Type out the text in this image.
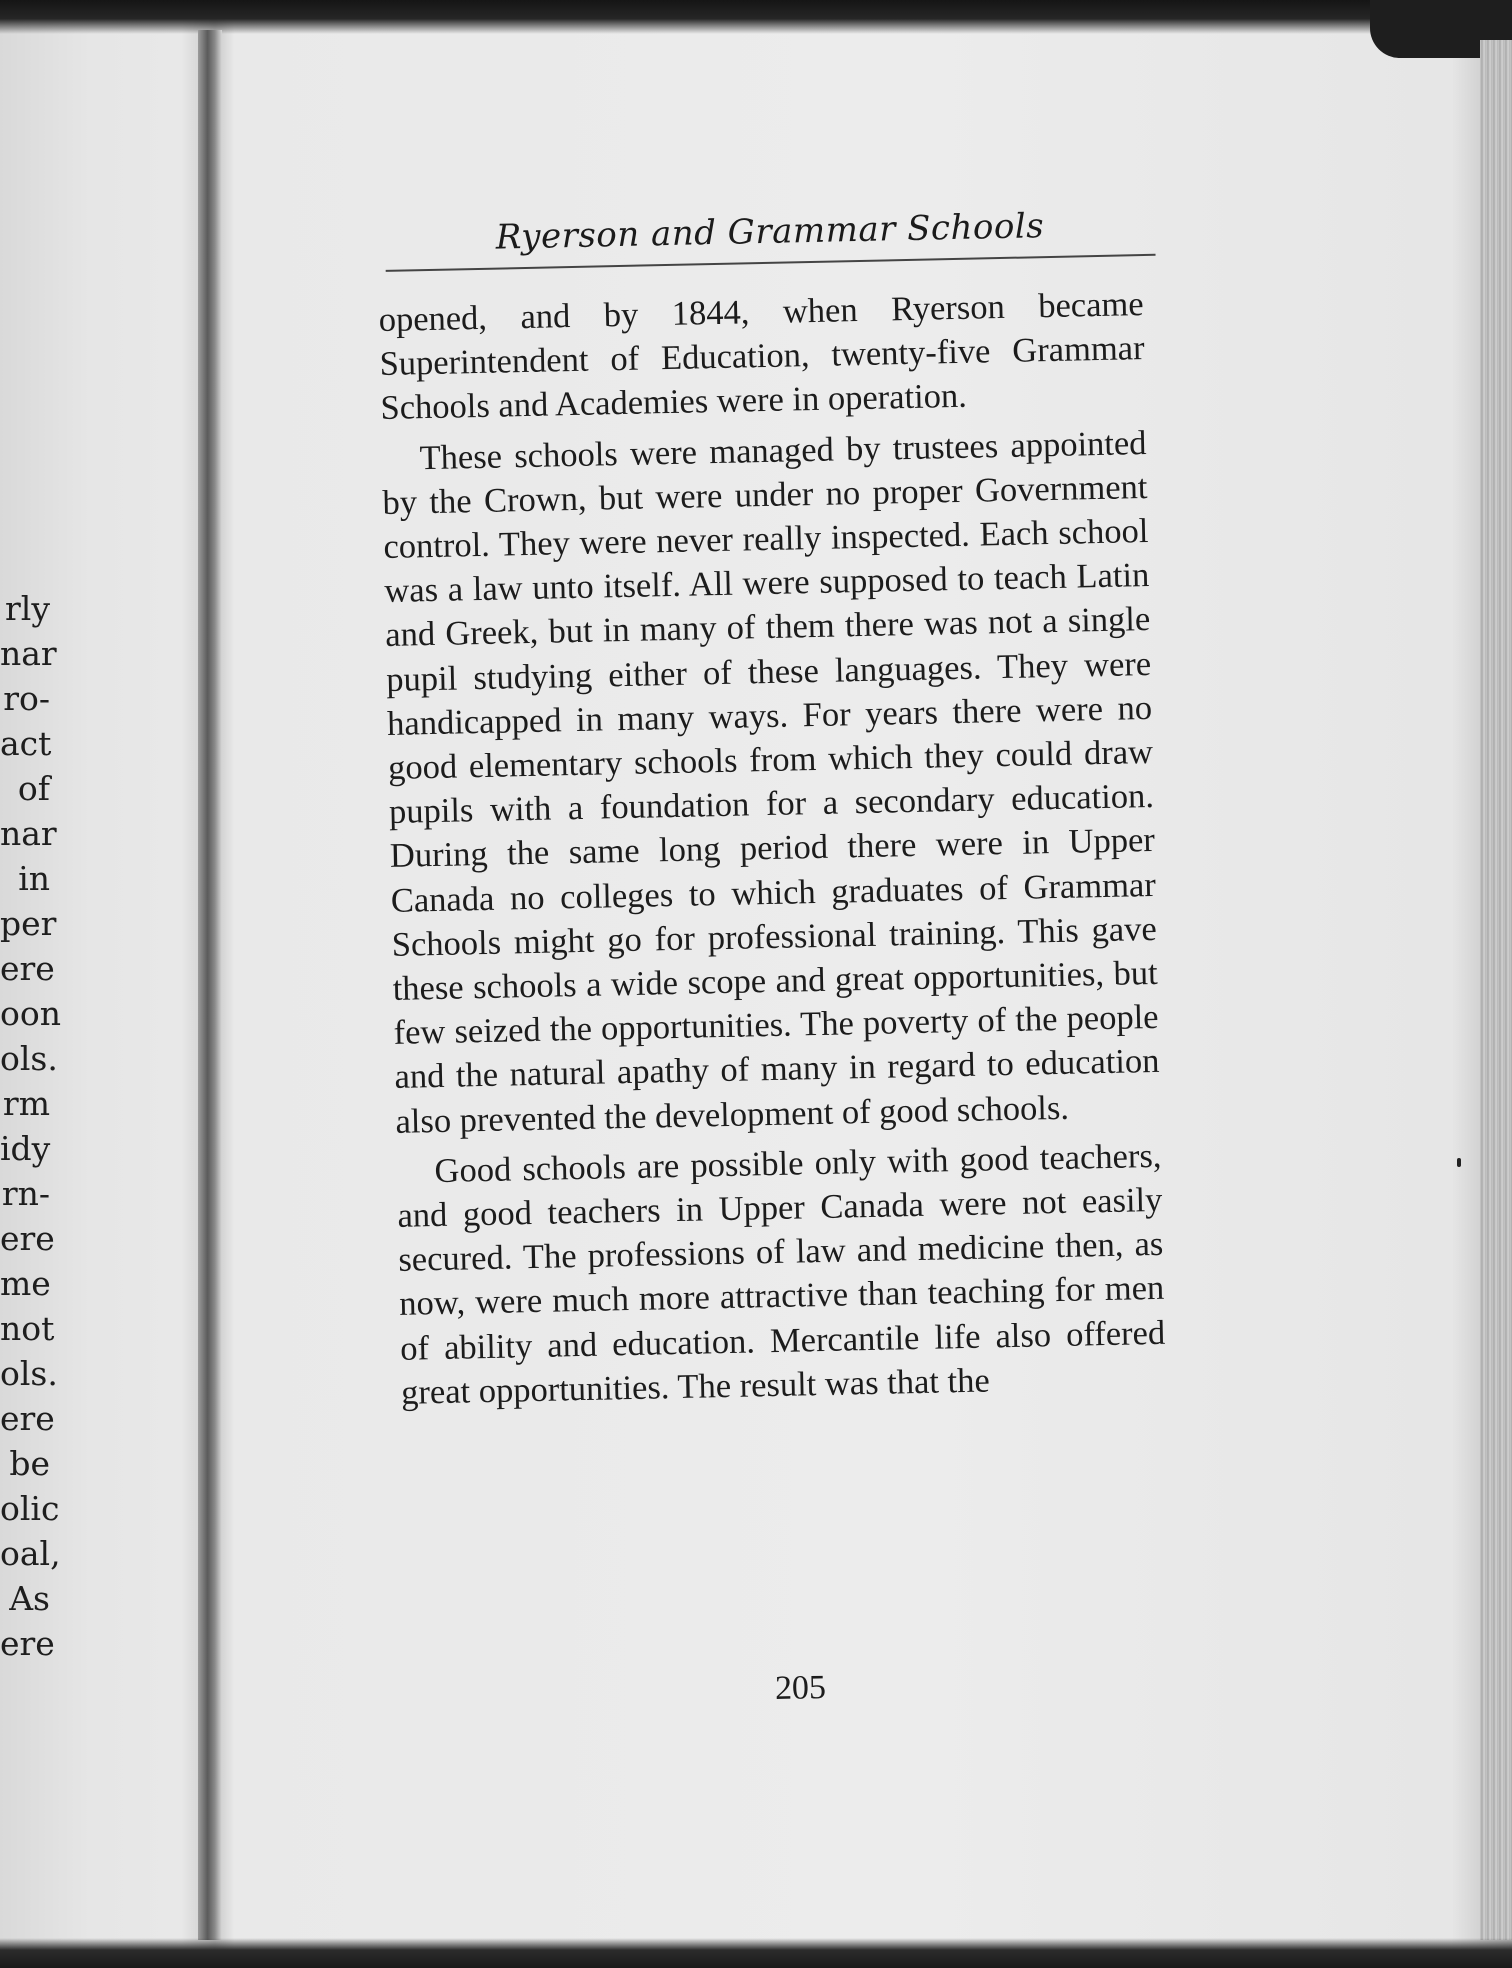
rly
nar
ro-
act
of
nar
in
per
ere
oon
ols.
rm
idy
rn-
ere
me
not
ols.
ere
be
olic
oal,
As
ere
Ryerson and Grammar Schools

opened, and by 1844, when Ryerson became Superintendent of Education, twenty-five Grammar Schools and Academies were in operation.

These schools were managed by trustees appointed by the Crown, but were under no proper Government control. They were never really inspected. Each school was a law unto itself. All were supposed to teach Latin and Greek, but in many of them there was not a single pupil studying either of these languages. They were handicapped in many ways. For years there were no good elementary schools from which they could draw pupils with a foundation for a secondary education. During the same long period there were in Upper Canada no colleges to which graduates of Grammar Schools might go for professional training. This gave these schools a wide scope and great opportunities, but few seized the opportunities. The poverty of the people and the natural apathy of many in regard to education also prevented the development of good schools.

Good schools are possible only with good teachers, and good teachers in Upper Canada were not easily secured. The professions of law and medicine then, as now, were much more attractive than teaching for men of ability and education. Mercantile life also offered great opportunities. The result was that the

205
